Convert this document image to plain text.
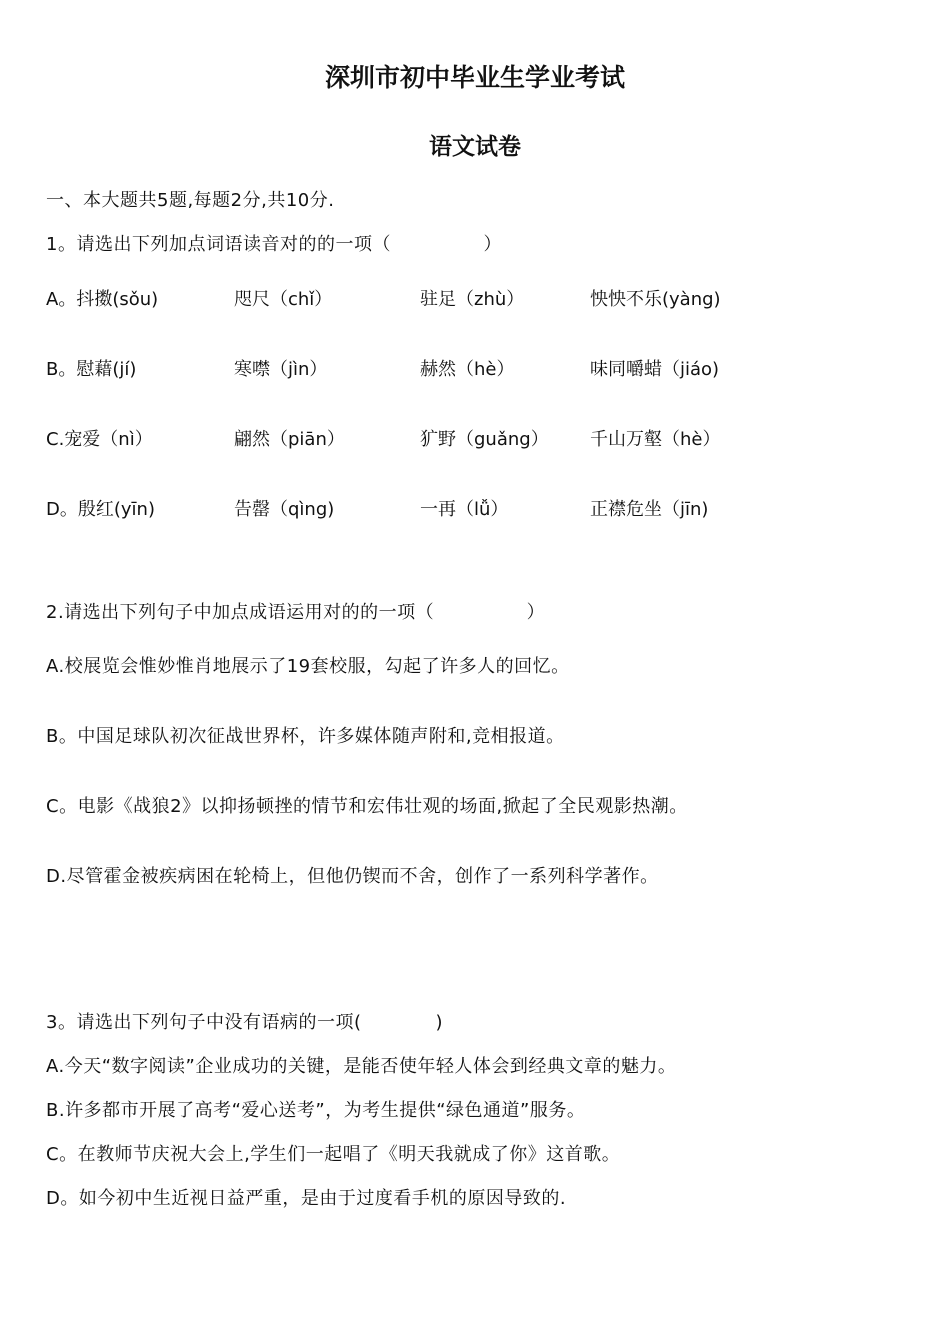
深圳市初中毕业生学业考试
语文试卷
一、本大题共5题,每题2分,共10分.
1。请选出下列加点词语读音对的的一项（　　　　　）
A。抖擞(sǒu)	咫尺（chǐ）	驻足（zhù）	怏怏不乐(yàng)
B。慰藉(jí)	寒噤（jìn）	赫然（hè）	味同嚼蜡（jiáo)
C.宠爱（nì）	翩然（piān）	犷野（guǎng） 千山万壑（hè）
D。殷红(yīn)	告罄（qìng)	一再（lǚ）	正襟危坐（jīn)
2.请选出下列句子中加点成语运用对的的一项（　　　　　）
A.校展览会惟妙惟肖地展示了19套校服，勾起了许多人的回忆。
B。中国足球队初次征战世界杯，许多媒体随声附和,竞相报道。
C。电影《战狼2》以抑扬顿挫的情节和宏伟壮观的场面,掀起了全民观影热潮。
D.尽管霍金被疾病困在轮椅上，但他仍锲而不舍，创作了一系列科学著作。
3。请选出下列句子中没有语病的一项(　　　　)
A.今天“数字阅读”企业成功的关键，是能否使年轻人体会到经典文章的魅力。
B.许多都市开展了高考“爱心送考”，为考生提供“绿色通道”服务。
C。在教师节庆祝大会上,学生们一起唱了《明天我就成了你》这首歌。
D。如今初中生近视日益严重，是由于过度看手机的原因导致的.
